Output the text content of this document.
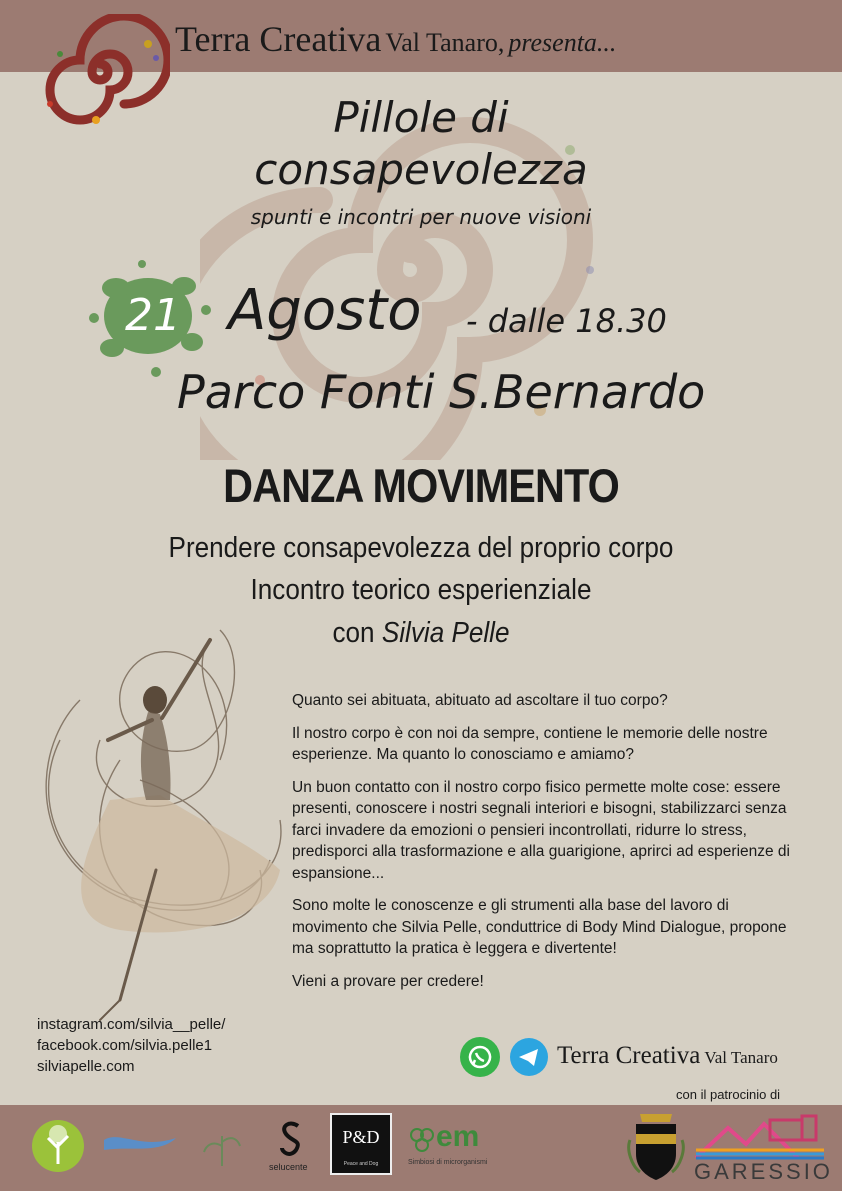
Terra Creativa Val Tanaro, presenta...
Pillole di
consapevolezza
spunti e incontri per nuove visioni
21 Agosto - dalle 18.30
Parco Fonti S.Bernardo
DANZA MOVIMENTO
Prendere consapevolezza del proprio corpo
Incontro teorico esperienziale
con Silvia Pelle

Quanto sei abituata, abituato ad ascoltare il tuo corpo?

Il nostro corpo è con noi da sempre, contiene le memorie delle nostre esperienze. Ma quanto lo conosciamo e amiamo?

Un buon contatto con il nostro corpo fisico permette molte cose: essere presenti, conoscere i nostri segnali interiori e bisogni, stabilizzarci senza farci invadere da emozioni o pensieri incontrollati, ridurre lo stress, predisporci alla trasformazione e alla guarigione, aprirci ad esperienze di espansione...

Sono molte le conoscenze e gli strumenti alla base del lavoro di movimento che Silvia Pelle, conduttrice di Body Mind Dialogue, propone ma soprattutto la pratica è leggera e divertente!

Vieni a provare per credere!

instagram.com/silvia__pelle/
facebook.com/silvia.pelle1
silviapelle.com	Terra Creativa Val Tanaro
con il patrocinio di
selucente
P&D
Peace and Dog
em
Simbiosi di microrganismi	GARESSIO
